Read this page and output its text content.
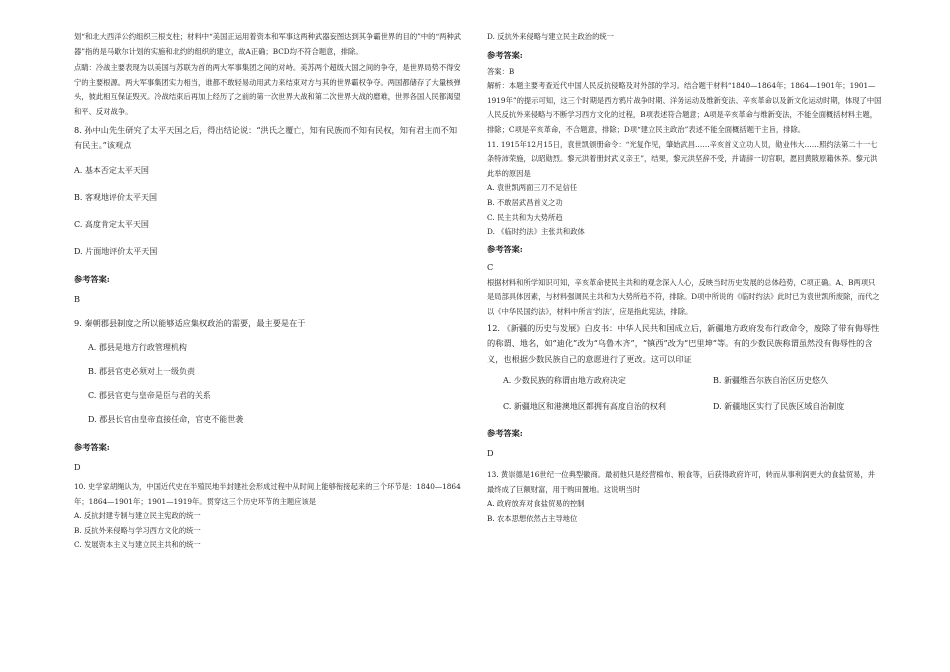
划“和北大西洋公约组织三根支柱；材料中“美国正运用着资本和军事这两种武器妄图达到其争霸世界的目的”中的“两种武器”指的是马歇尔计划的实施和北约的组织的建立，故A正确；BCD均不符合题意，排除。

点睛：冷战主要表现为以美国与苏联为首的两大军事集团之间的对峙。美苏两个超级大国之间的争夺，是世界局势不得安宁的主要根源。两大军事集团实力相当，谁都不敢轻易动用武力来结束对方与其的世界霸权争夺。两国都储存了大量核弹头，彼此相互保证毁灭。冷战结束后再加上经历了之前的第一次世界大战和第二次世界大战的磨难，世界各国人民都渴望和平、反对战争。

8. 孙中山先生研究了太平天国之后，得出结论说：“洪氏之覆亡，知有民族而不知有民权，知有君主而不知有民主。”该观点

A. 基本否定太平天国

B. 客观地评价太平天国

C. 高度肯定太平天国

D. 片面地评价太平天国

参考答案:

B

9. 秦朝郡县制度之所以能够适应集权政治的需要，最主要是在于

A. 郡县是地方行政管理机构

B. 郡县官吏必须对上一级负责

C. 郡县官吏与皇帝是臣与君的关系

D. 郡县长官由皇帝直接任命，官吏不能世袭

参考答案:

D

10. 史学家胡绳认为，中国近代史在半殖民地半封建社会形成过程中从时间上能够衔接起来的三个环节是：1840—1864年；1864—1901年；1901—1919年。贯穿这三个历史环节的主题应该是

A. 反抗封建专制与建立民主宪政的统一

B. 反抗外来侵略与学习西方文化的统一

C. 发展资本主义与建立民主共和的统一

D. 反抗外来侵略与建立民主政治的统一

参考答案:

答案：B

解析：本题主要考查近代中国人民反抗侵略及对外部的学习。结合题干材料“1840—1864年；1864—1901年；1901—1919年”的提示可知，这三个时期是西方鸦片战争时期、洋务运动及维新变法、辛亥革命以及新文化运动时期，体现了中国人民反抗外来侵略与不断学习西方文化的过程，B项表述符合题意；A项是辛亥革命与维新变法，不能全面概括材料主题，排除；C项是辛亥革命，不合题意，排除；D项“建立民主政治”表述不能全面概括题干主旨，排除。

11. 1915年12月15日，袁世凯颁册命令：“光复作见，肇始武昌……辛亥首义立功人员，勋业伟大……照约法第二十一七条特沛荣施，以昭勋烈。黎元洪着册封武义亲王”，结果，黎元洪坚辞不受，并请辞一切官职，愿回黄陂原籍休养。黎元洪此举的原因是

A. 袁世凯两面三刀不足信任

B. 不敢居武昌首义之功

C. 民主共和为大势所趋

D. 《临时约法》主张共和政体

参考答案:

C

根据材料和所学知识可知，辛亥革命使民主共和的观念深入人心，反映当时历史发展的总体趋势，C项正确。A、B两项只是局部具体因素，与材料强调民主共和为大势所趋不符，排除。D项中所说的《临时约法》此时已为袁世凯所废除，而代之以《中华民国约法》，材料中所言‘约法’，应是指此宪法，排除。

12. 《新疆的历史与发展》白皮书：中华人民共和国成立后，新疆地方政府发布行政命令，废除了带有侮辱性的称谓、地名，如“迪化”改为“乌鲁木齐”，“镇西”改为“巴里坤”等。有的少数民族称谓虽然没有侮辱性的含义，也根据少数民族自己的意愿进行了更改。这可以印证

A. 少数民族的称谓由地方政府决定	B. 新疆维吾尔族自治区历史悠久

C. 新疆地区和港澳地区都拥有高度自治的权利	D. 新疆地区实行了民族区域自治制度

参考答案:

D

13. 黄崇德是16世纪一位典型徽商。最初他只是经营棉布、粮食等，后获得政府许可，转而从事利润更大的食盐贸易，并最终成了巨额财富，用于购田置地。这说明当时

A. 政府放弃对食盐贸易的控制

B. 农本思想依然占主导地位
